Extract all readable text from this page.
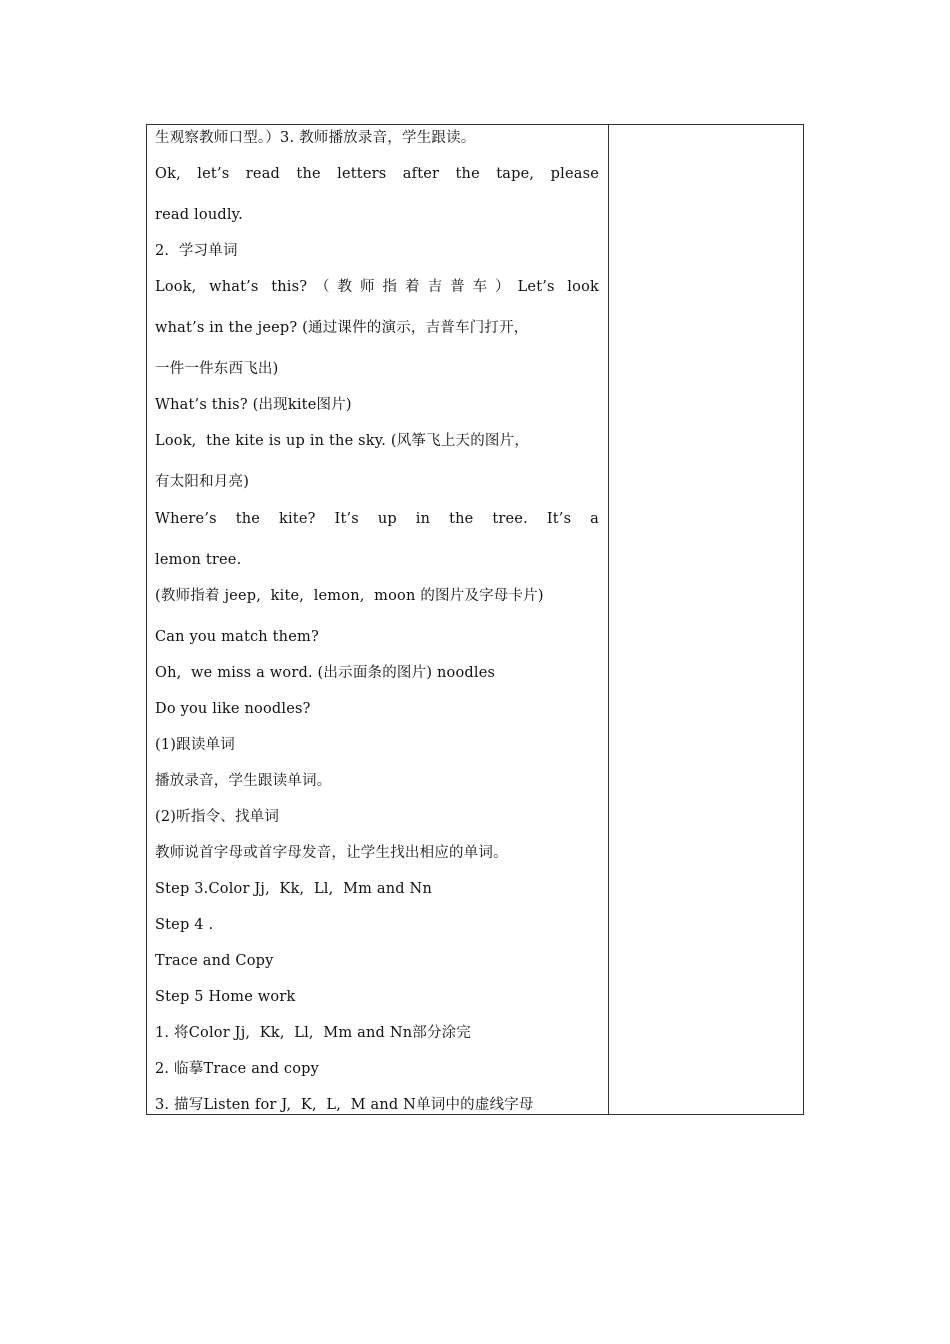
生观察教师口型。）3. 教师播放录音，学生跟读。
Ok, let’s read the letters after the tape, please
read loudly.
2.  学习单词
Look, what’s this?（教师指着吉普车）Let’s look
what’s in the jeep? (通过课件的演示，吉普车门打开，
一件一件东西飞出)
What’s this? (出现kite图片)
Look,  the kite is up in the sky. (风筝飞上天的图片，
有太阳和月亮)
Where’s the kite? It’s up in the tree. It’s a
lemon tree.
(教师指着 jeep,  kite,  lemon,  moon 的图片及字母卡片)
Can you match them?
Oh,  we miss a word. (出示面条的图片) noodles
Do you like noodles?
(1)跟读单词
播放录音，学生跟读单词。
(2)听指令、找单词
教师说首字母或首字母发音，让学生找出相应的单词。
Step 3.Color Jj,  Kk,  Ll,  Mm and Nn
Step 4 .
Trace and Copy
Step 5 Home work
1. 将Color Jj,  Kk,  Ll,  Mm and Nn部分涂完
2. 临摹Trace and copy
3. 描写Listen for J,  K,  L,  M and N单词中的虚线字母
